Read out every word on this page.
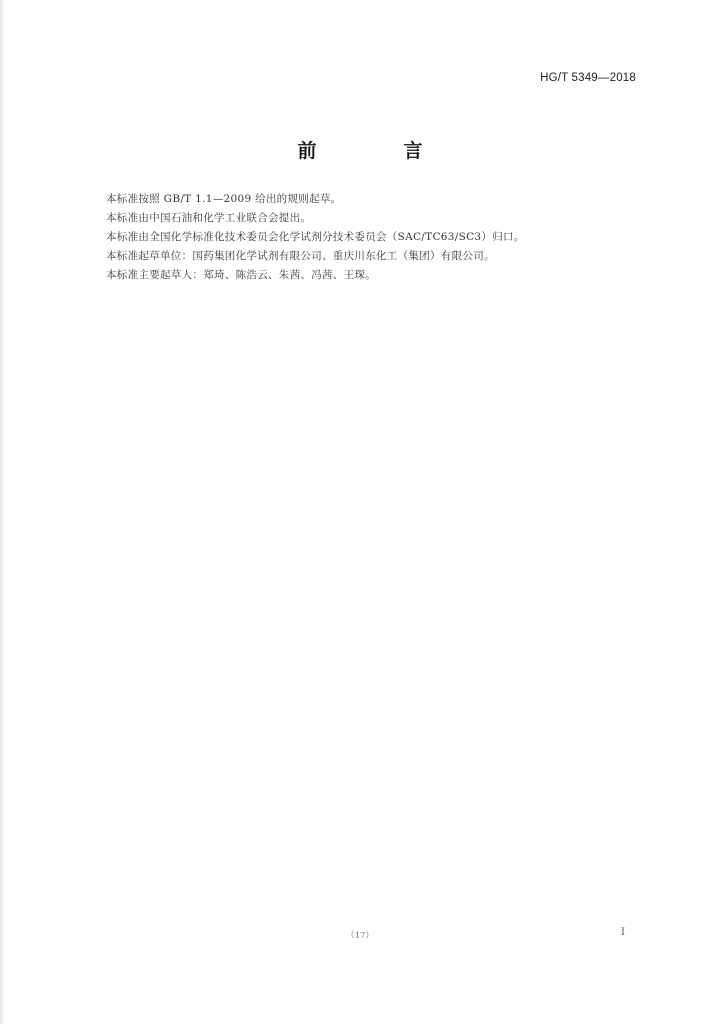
HG/T 5349—2018
前　言
本标准按照 GB/T 1.1—2009 给出的规则起草。
本标准由中国石油和化学工业联合会提出。
本标准由全国化学标准化技术委员会化学试剂分技术委员会（SAC/TC63/SC3）归口。
本标准起草单位：国药集团化学试剂有限公司、重庆川东化工（集团）有限公司。
本标准主要起草人：郑琦、陈浩云、朱茜、冯茜、王琛。
（17）	I
